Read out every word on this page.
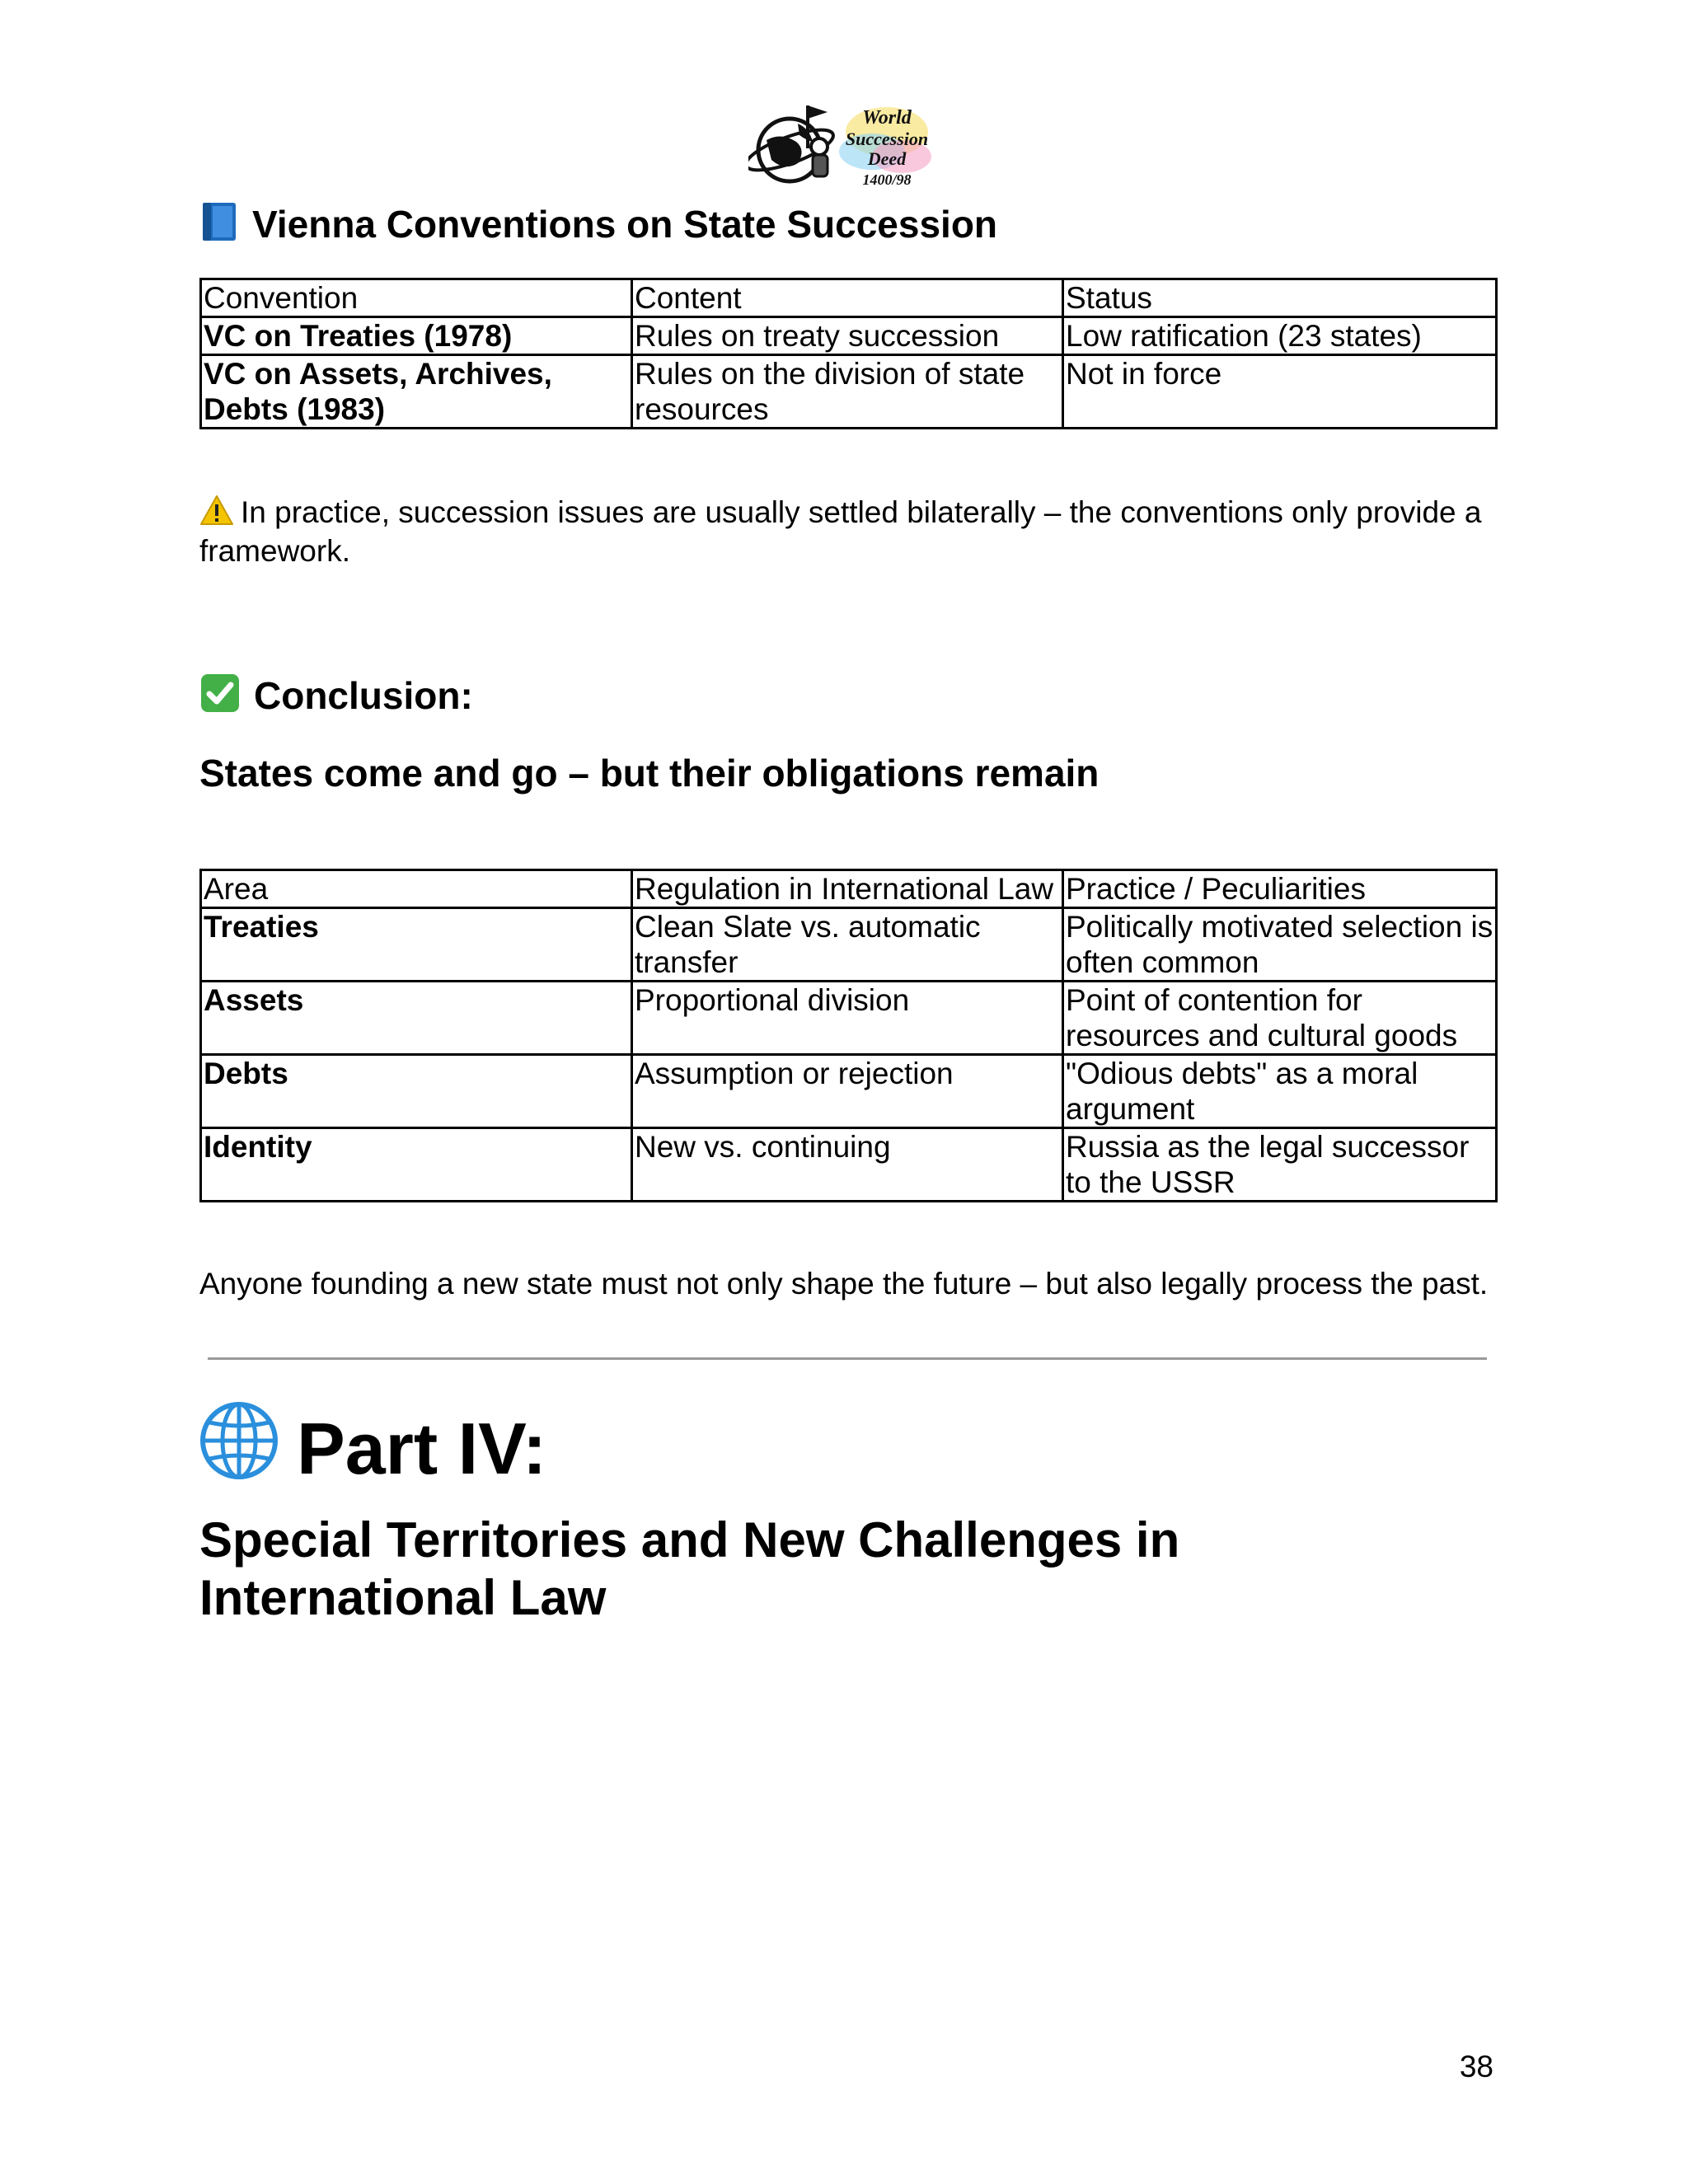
World
Succession
Deed
1400/98
Vienna Conventions on State Succession
Convention	Content	Status
VC on Treaties (1978)	Rules on treaty succession	Low ratification (23 states)
VC on Assets, Archives, Debts (1983)	Rules on the division of state resources	Not in force

In practice, succession issues are usually settled bilaterally – the conventions only provide a framework.

Conclusion:
States come and go – but their obligations remain
Area	Regulation in International Law	Practice / Peculiarities
Treaties	Clean Slate vs. automatic transfer	Politically motivated selection is often common
Assets	Proportional division	Point of contention for resources and cultural goods
Debts	Assumption or rejection	"Odious debts" as a moral argument
Identity	New vs. continuing	Russia as the legal successor to the USSR

Anyone founding a new state must not only shape the future – but also legally process the past.

Part IV:
Special Territories and New Challenges in International Law
38
